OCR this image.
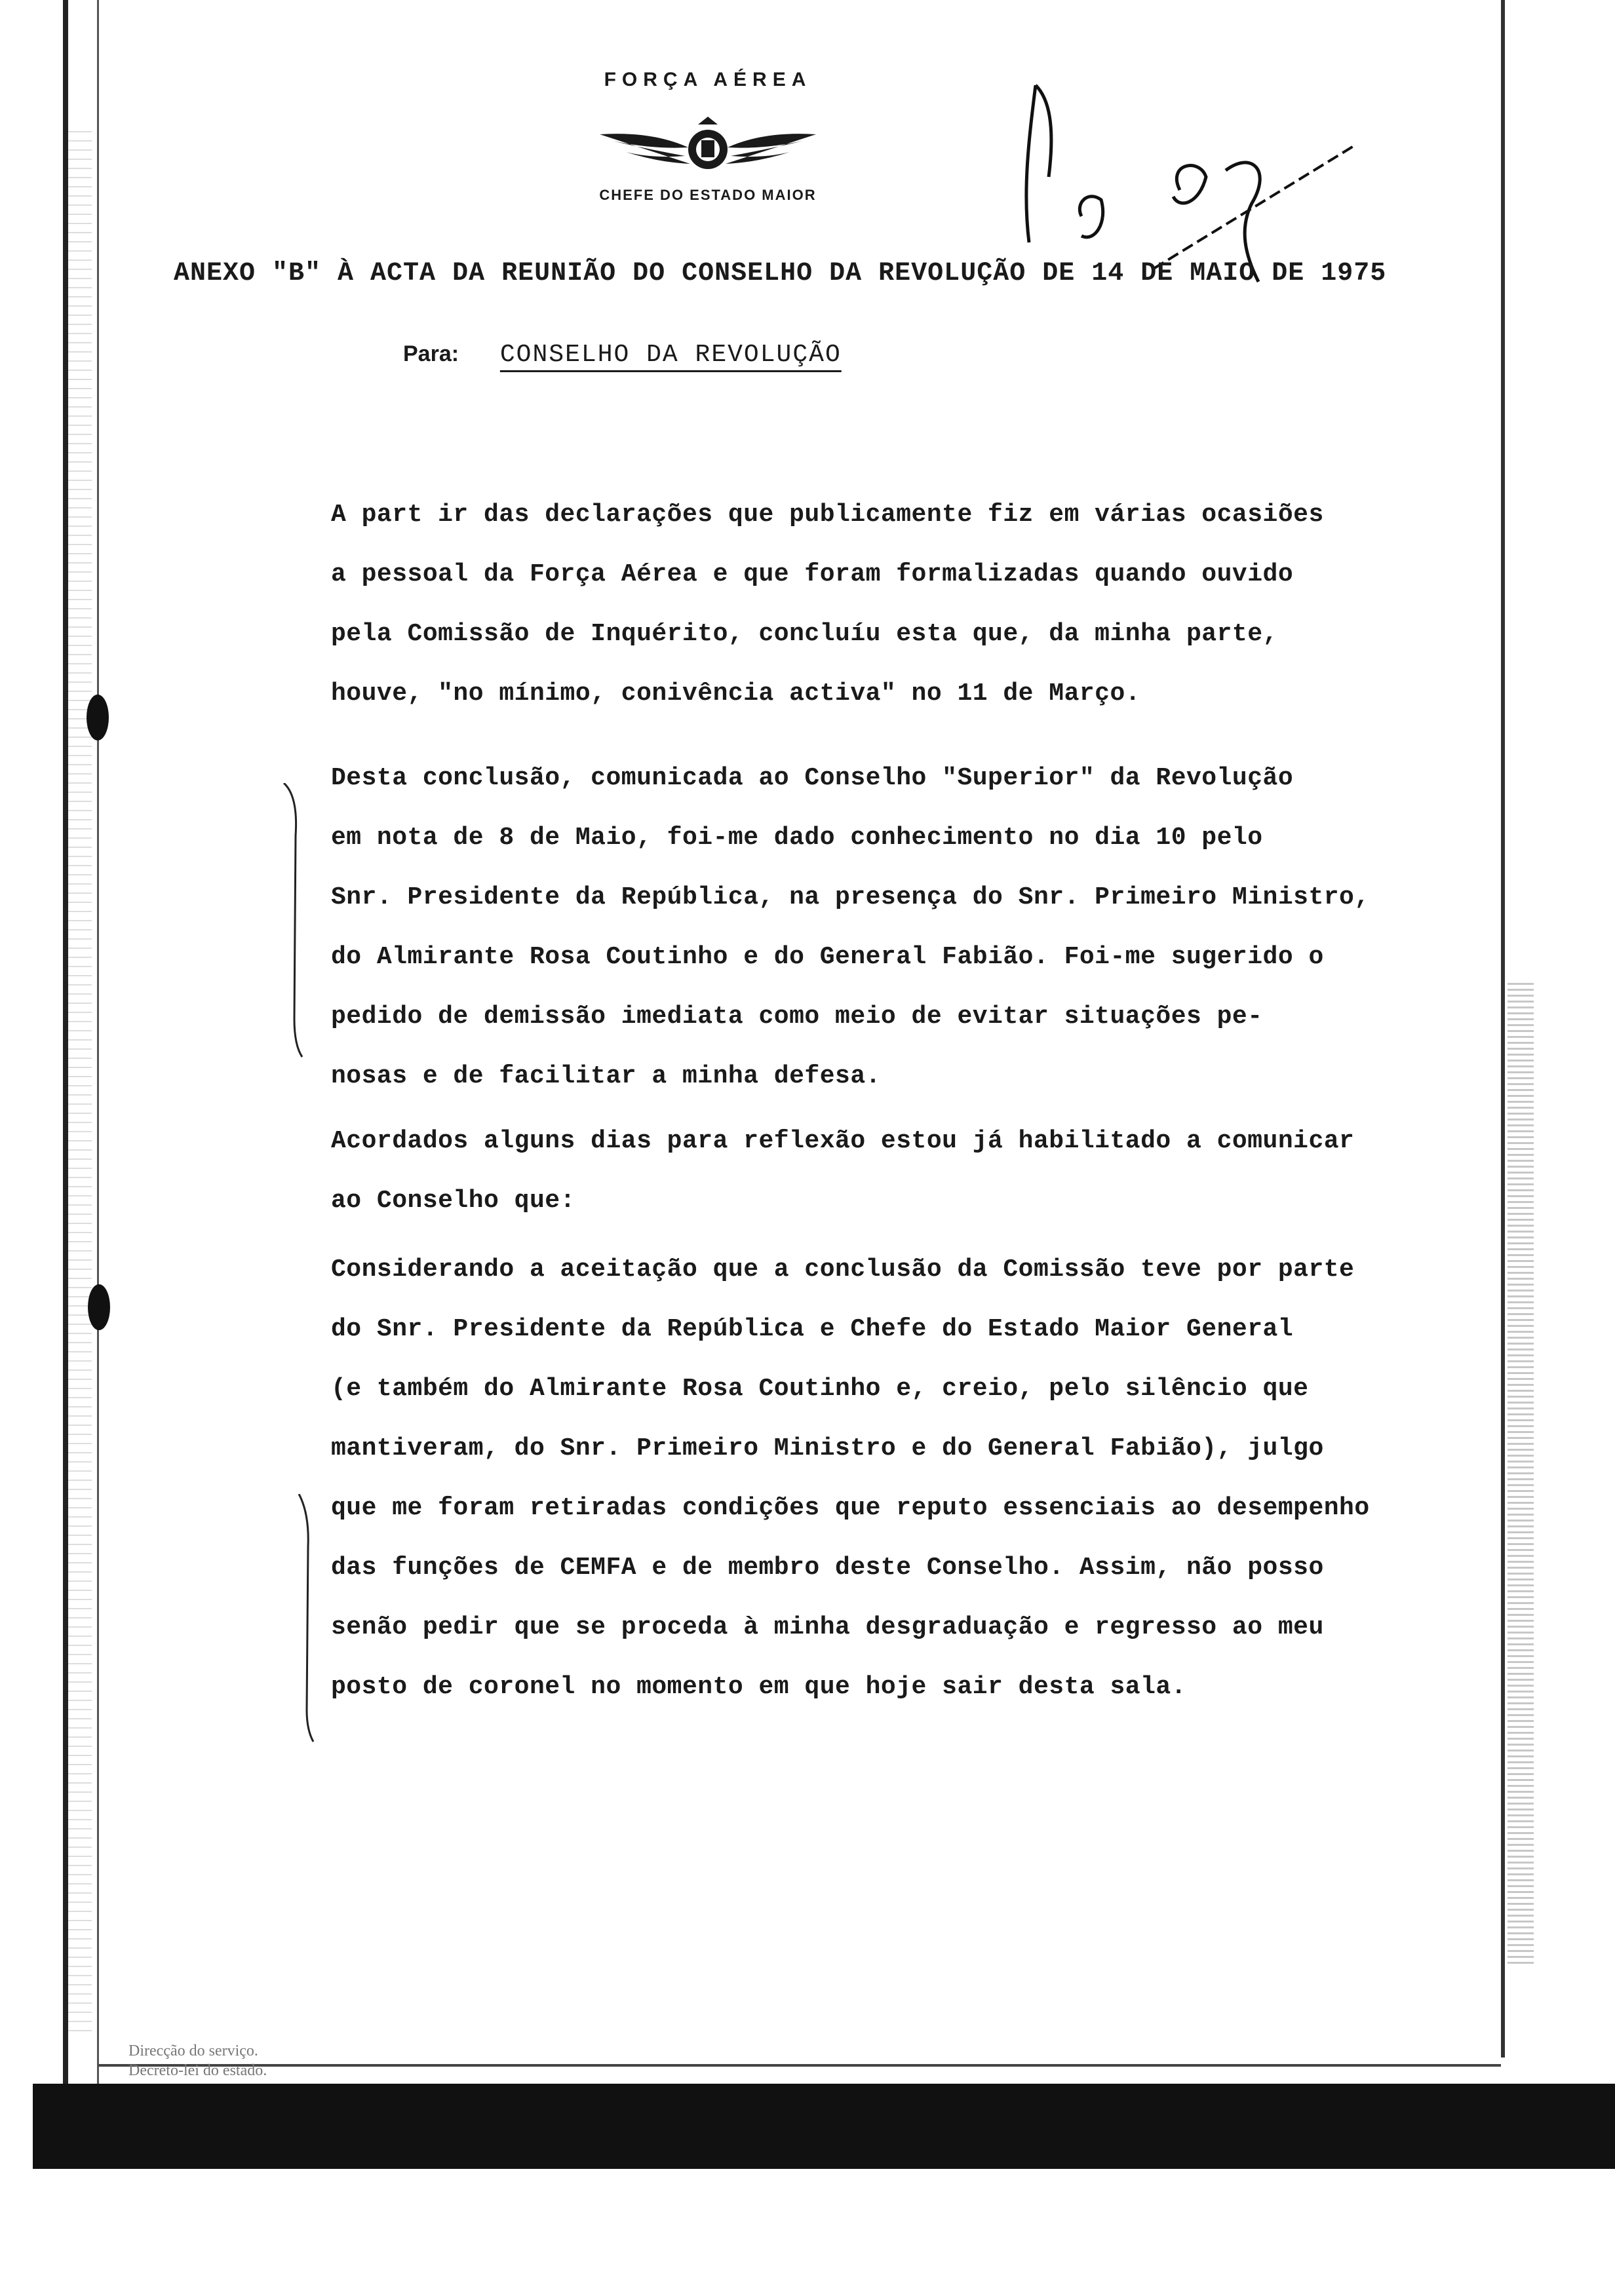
FORÇA AÉREA
CHEFE DO ESTADO MAIOR
ANEXO "B" À ACTA DA REUNIÃO DO CONSELHO DA REVOLUÇÃO DE 14 DE MAIO DE 1975
Para: CONSELHO DA REVOLUÇÃO

A part ir das declarações que publicamente fiz em várias ocasiões
a pessoal da Força Aérea e que foram formalizadas quando ouvido
pela Comissão de Inquérito, concluíu esta que, da minha parte,
houve, "no mínimo, conivência activa" no 11 de Março.

Desta conclusão, comunicada ao Conselho "Superior" da Revolução
em nota de 8 de Maio, foi-me dado conhecimento no dia 10 pelo
Snr. Presidente da República, na presença do Snr. Primeiro Ministro,
do Almirante Rosa Coutinho e do General Fabião. Foi-me sugerido o
pedido de demissão imediata como meio de evitar situações pe-
nosas e de facilitar a minha defesa.

Acordados alguns dias para reflexão estou já habilitado a comunicar
ao Conselho que:

Considerando a aceitação que a conclusão da Comissão teve por parte
do Snr. Presidente da República e Chefe do Estado Maior General
(e também do Almirante Rosa Coutinho e, creio, pelo silêncio que
mantiveram, do Snr. Primeiro Ministro e do General Fabião), julgo
que me foram retiradas condições que reputo essenciais ao desempenho
das funções de CEMFA e de membro deste Conselho. Assim, não posso
senão pedir que se proceda à minha desgraduação e regresso ao meu
posto de coronel no momento em que hoje sair desta sala.

Direcção do serviço.
Decreto-lei do estado.
